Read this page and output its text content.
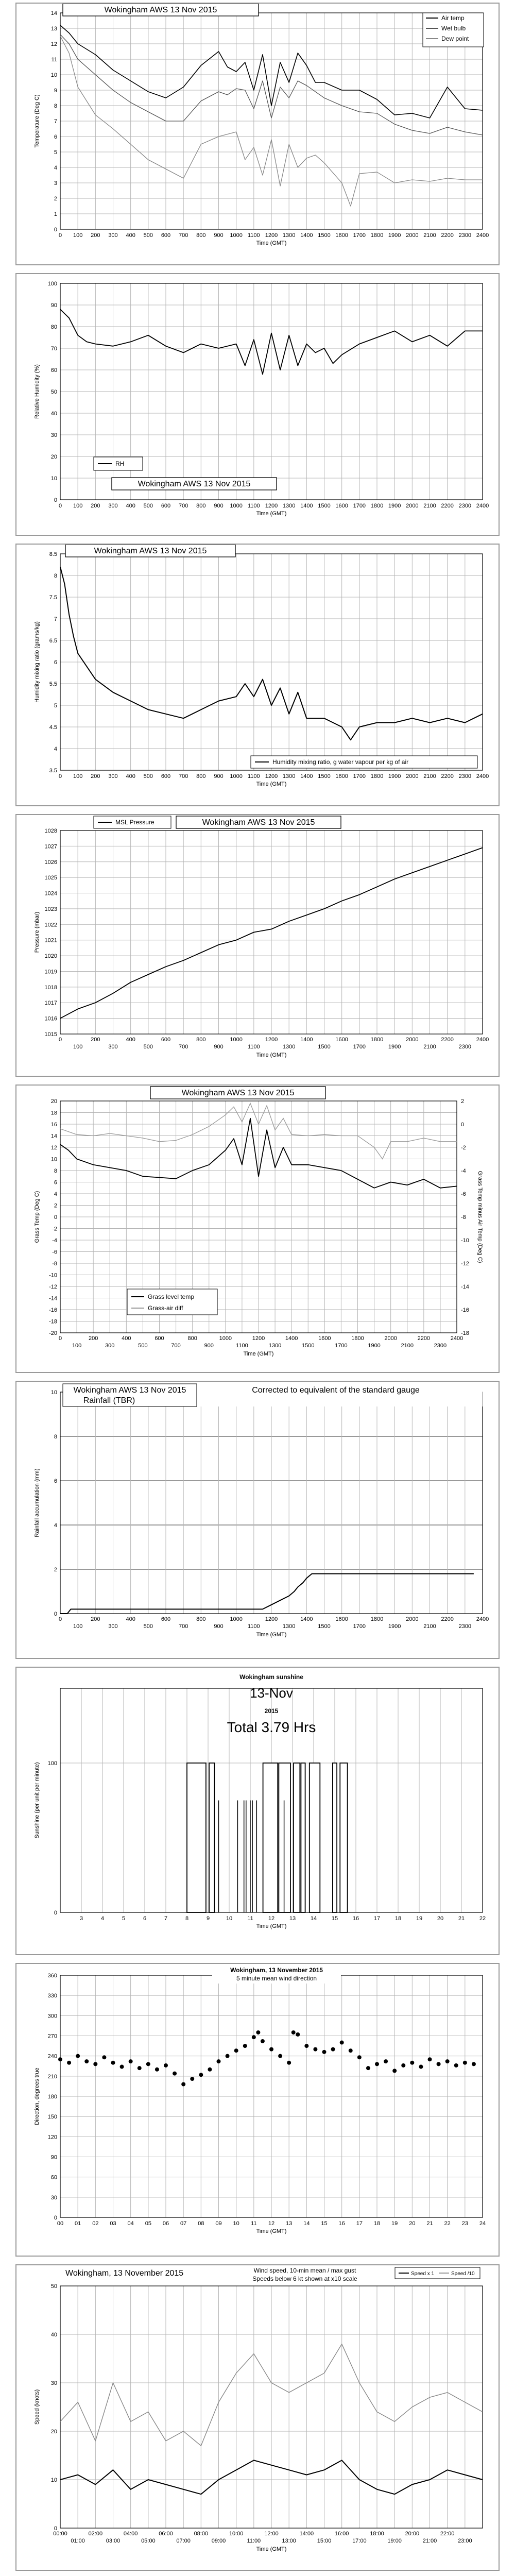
0
1
2
3
4
5
6
7
8
9
10
11
12
13
14
0 100 200 300 400 500 600 700 800 900 1000 1100 1200 1300 1400 1500 1600 1700 1800 1900 2000 2100 2200 2300 2400
Time (GMT)
Temperature (Deg C)
Wokingham AWS 13 Nov 2015
Air temp
Wet bulb
Dew point
0
10
20
30
40
50
60
70
80
90
100
0 100 200 300 400 500 600 700 800 900 1000 1100 1200 1300 1400 1500 1600 1700 1800 1900 2000 2100 2200 2300 2400
Time (GMT)
Relative Humidity (%)
Wokingham AWS 13 Nov 2015
RH
3.5
4
4.5
5
5.5
6
6.5
7
7.5
8
8.5
0 100 200 300 400 500 600 700 800 900 1000 1100 1200 1300 1400 1500 1600 1700 1800 1900 2000 2100 2200 2300 2400
Time (GMT)
Humidity mixing ratio (grams/kg)
Wokingham AWS 13 Nov 2015
Humidity mixing ratio, g water vapour per kg of air
1015
1016
1017
1018
1019
1020
1021
1022
1023
1024
1025
1026
1027
1028
0	200	400	600	800	1000	1200	1400	1600	1800	2000	2200	2400
100	300	500	700	900	1100	1300	1500	1700	1900	2100	2300
Time (GMT)
Pressure (mbar)
MSL Pressure	Wokingham AWS 13 Nov 2015
20
18
16
14
12
10
8
6
4
2
0
-2
-4
-6
-8
-10
-12
-14
-16
-18
-20
2
0
-2
-4
-6
-8
-10
-12
-14
-16
-18
0	200	400	600	800	1000	1200	1400	1600	1800	2000	2200	2400
100	300	500	700	900	1100	1300	1500	1700	1900	2100	2300
Time (GMT)
Grass Temp (Deg C)	Grass Temp minus Air Temp (Deg C)
Wokingham AWS 13 Nov 2015
Grass level temp
Grass-air diff
0
2
4
6
8
10
0	200	400	600	800	1000	1200	1400	1600	1800	2000	2200	2400
100	300	500	700	900	1100	1300	1500	1700	1900	2100	2300
Time (GMT)
Rainfall accumulation (mm)
Wokingham AWS 13 Nov 2015
Rainfall (TBR)
Corrected to equivalent of the standard gauge
0
100
3	4	5	6	7	8	9	10	11	12	13	14	15	16	17	18	19	20	21	22
Time (GMT)
Sunshine (per unit per minute)
Wokingham sunshine
13-Nov
2015
Total 3.79 Hrs
0
30
60
90
120
150
180
210
240
270
300
330
360
00 01 02 03 04 05 06 07 08 09 10 11 12 13 14 15 16 17 18 19 20 21 22 23 24
Time (GMT)
Direction, degrees true
Wokingham, 13 November 2015
5 minute mean wind direction
0
10
20
30
40
50
00:00	02:00	04:00	06:00	08:00	10:00	12:00	14:00	16:00	18:00	20:00	22:00
01:00	03:00	05:00	07:00	09:00	11:00	13:00	15:00	17:00	19:00	21:00	23:00
Time (GMT)
Speed (knots)
Wokingham, 13 November 2015	Wind speed, 10-min mean / max gust
Speeds below 6 kt shown at x10 scale
Speed x 1	Speed /10
